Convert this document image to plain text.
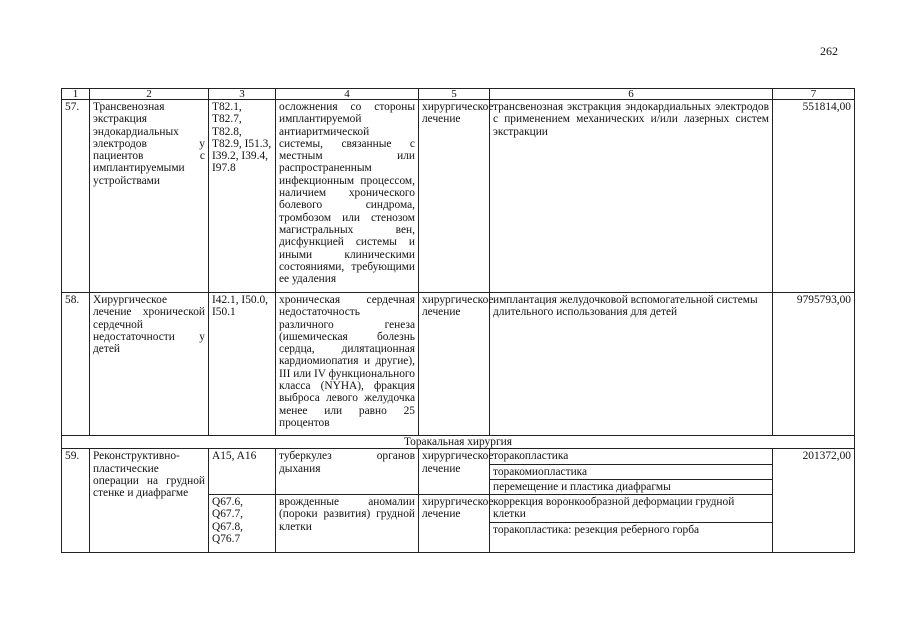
262
1	2	3	4	5	6	7
57.	Трансвенозная экстракция эндокардиальных электродов у пациентов с имплантируемыми устройствами	T82.1, T82.7, T82.8, T82.9, I51.3, I39.2, I39.4, I97.8	осложнения со стороны имплантируемой антиаритмической системы, связанные с местным или распространенным инфекционным процессом, наличием хронического болевого синдрома, тромбозом или стенозом магистральных вен, дисфункцией системы и иными клиническими состояниями, требующими ее удаления	хирургическое лечение	трансвенозная экстракция эндокардиальных электродов с применением механических и/или лазерных систем экстракции	551814,00
58.	Хирургическое лечение хронической сердечной недостаточности у детей	I42.1, I50.0, I50.1	хроническая сердечная недостаточность различного генеза (ишемическая болезнь сердца, дилятационная кардиомиопатия и другие), III или IV функционального класса (NYHA), фракция выброса левого желудочка менее или равно 25 процентов	хирургическое лечение	имплантация желудочковой вспомогательной системы длительного использования для детей	9795793,00
Торакальная хирургия						
59.	Реконструктивно-пластические операции на грудной стенке и диафрагме	A15, A16	туберкулез органов дыхания	хирургическое лечение	торакопластика	201372,00
					торакомиопластика	
					перемещение и пластика диафрагмы	
		Q67.6, Q67.7, Q67.8, Q76.7	врожденные аномалии (пороки развития) грудной клетки	хирургическое лечение	коррекция воронкообразной деформации грудной клетки	
					торакопластика: резекция реберного горба	
